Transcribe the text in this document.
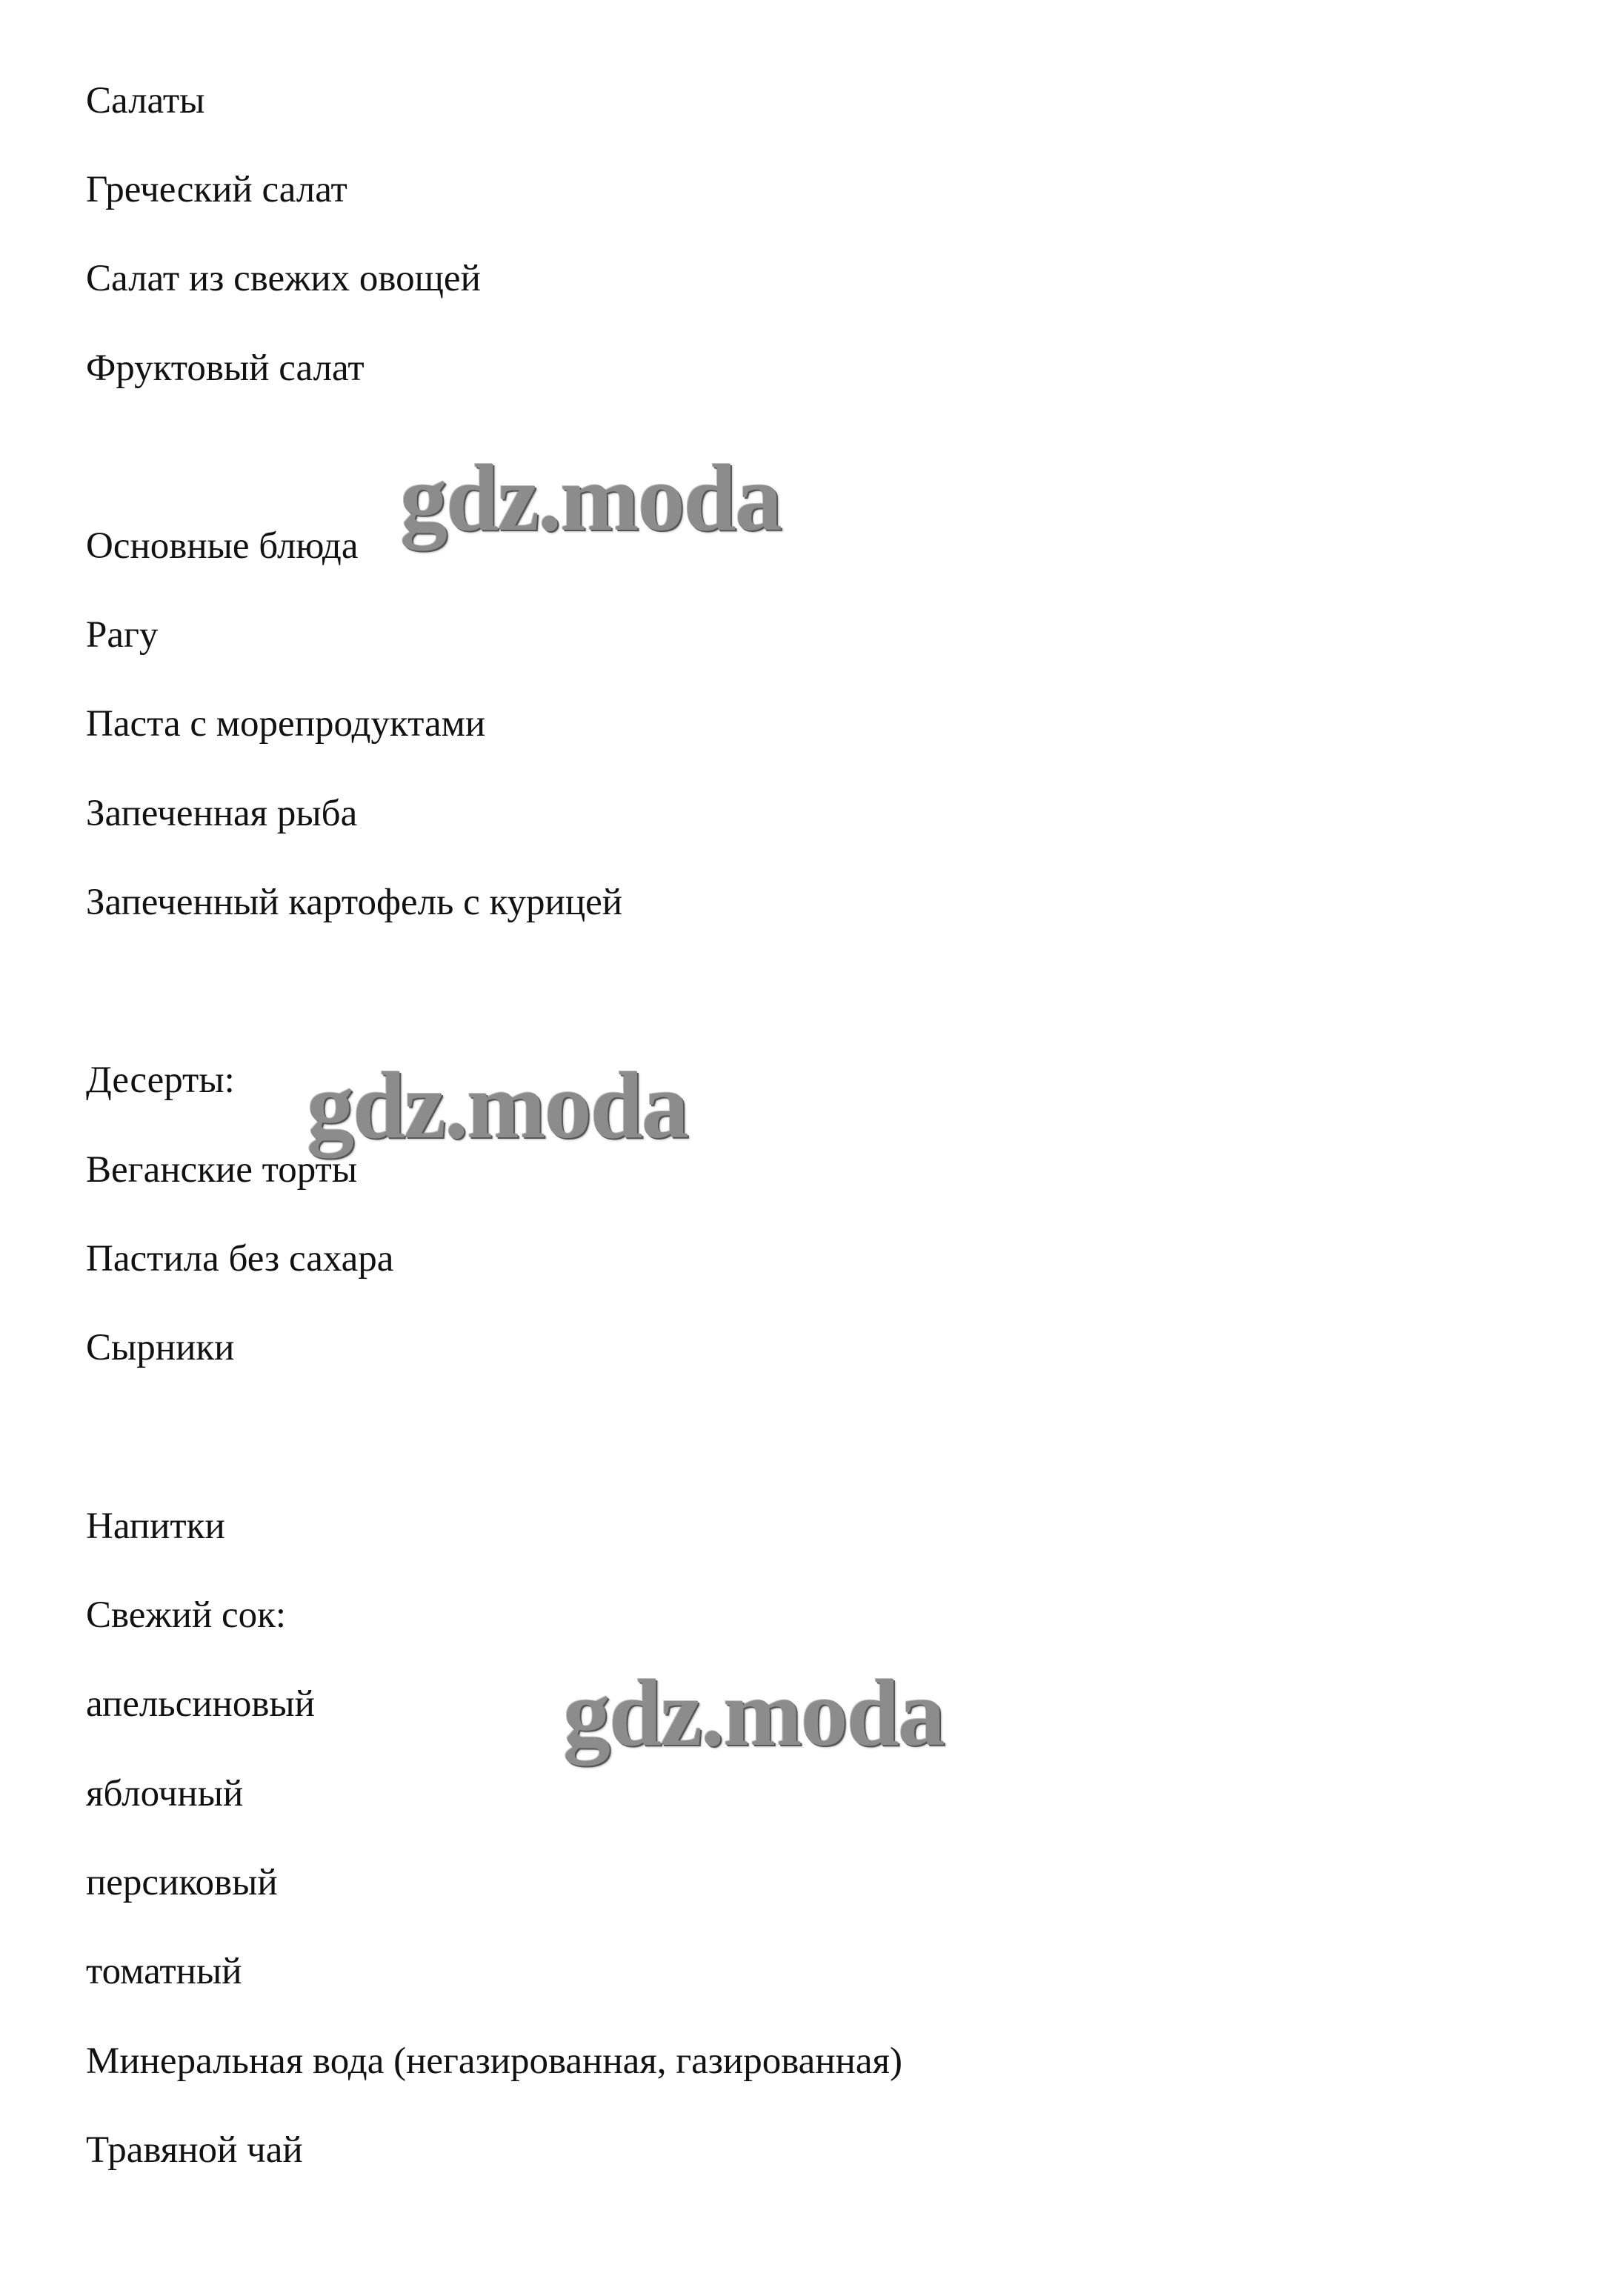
Салаты

Греческий салат

Салат из свежих овощей

Фруктовый салат

Основные блюда

Рагу

Паста с морепродуктами

Запеченная рыба

Запеченный картофель с курицей

Десерты:

Веганские торты

Пастила без сахара

Сырники

Напитки

Свежий сок:

апельсиновый

яблочный

персиковый

томатный

Минеральная вода (негазированная, газированная)

Травяной чай

gdz.moda
gdz.moda
gdz.moda
